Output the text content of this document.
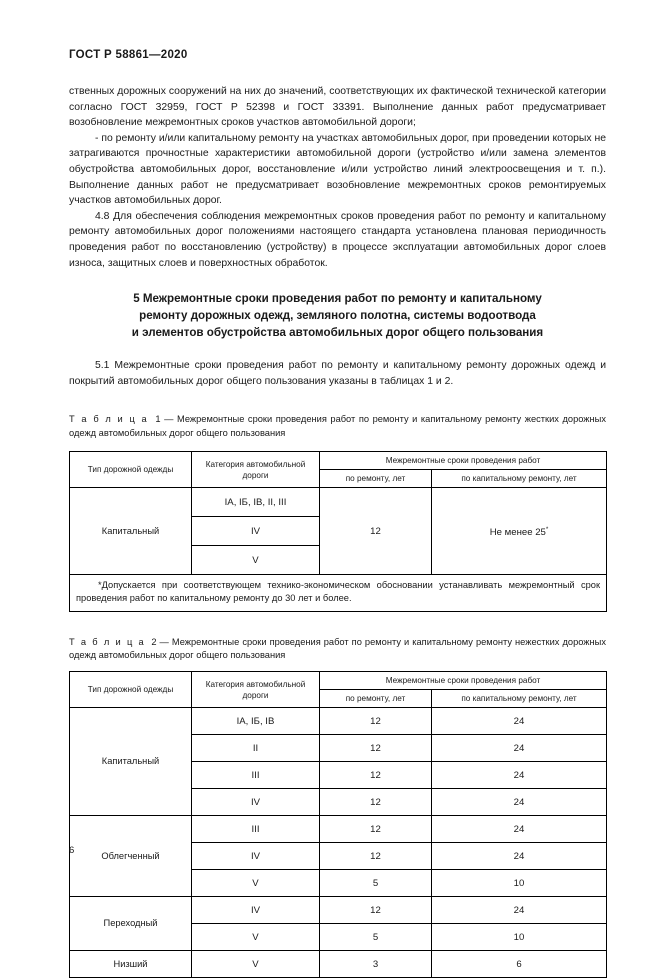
ГОСТ Р 58861—2020

ственных дорожных сооружений на них до значений, соответствующих их фактической технической категории согласно ГОСТ 32959, ГОСТ Р 52398 и ГОСТ 33391. Выполнение данных работ предусматривает возобновление межремонтных сроков участков автомобильной дороги;

- по ремонту и/или капитальному ремонту на участках автомобильных дорог, при проведении которых не затрагиваются прочностные характеристики автомобильной дороги (устройство и/или замена элементов обустройства автомобильных дорог, восстановление и/или устройство линий электроосвещения и т. п.). Выполнение данных работ не предусматривает возобновление межремонтных сроков ремонтируемых участков автомобильных дорог.

4.8 Для обеспечения соблюдения межремонтных сроков проведения работ по ремонту и капитальному ремонту автомобильных дорог положениями настоящего стандарта установлена плановая периодичность проведения работ по восстановлению (устройству) в процессе эксплуатации автомобильных дорог слоев износа, защитных слоев и поверхностных обработок.

5 Межремонтные сроки проведения работ по ремонту и капитальному
ремонту дорожных одежд, земляного полотна, системы водоотвода
и элементов обустройства автомобильных дорог общего пользования

5.1 Межремонтные сроки проведения работ по ремонту и капитальному ремонту дорожных одежд и покрытий автомобильных дорог общего пользования указаны в таблицах 1 и 2.

Т а б л и ц а 1 — Межремонтные сроки проведения работ по ремонту и капитальному ремонту жестких дорожных одежд автомобильных дорог общего пользования

Тип дорожной одежды	Категория автомобильной дороги	Межремонтные сроки проведения работ	
		по ремонту, лет	по капитальному ремонту, лет
Капитальный	IA, IБ, IB, II, III	12	Не менее 25*
	IV		
	V		
*Допускается при соответствующем технико-экономическом обосновании устанавливать межремонтный срок проведения работ по капитальному ремонту до 30 лет и более.			

Т а б л и ц а 2 — Межремонтные сроки проведения работ по ремонту и капитальному ремонту нежестких дорожных одежд автомобильных дорог общего пользования

Тип дорожной одежды	Категория автомобильной дороги	Межремонтные сроки проведения работ	
		по ремонту, лет	по капитальному ремонту, лет
Капитальный	IA, IБ, IB	12	24
	II	12	24
	III	12	24
	IV	12	24
Облегченный	III	12	24
	IV	12	24
	V	5	10
Переходный	IV	12	24
	V	5	10
Низший	V	3	6
6
